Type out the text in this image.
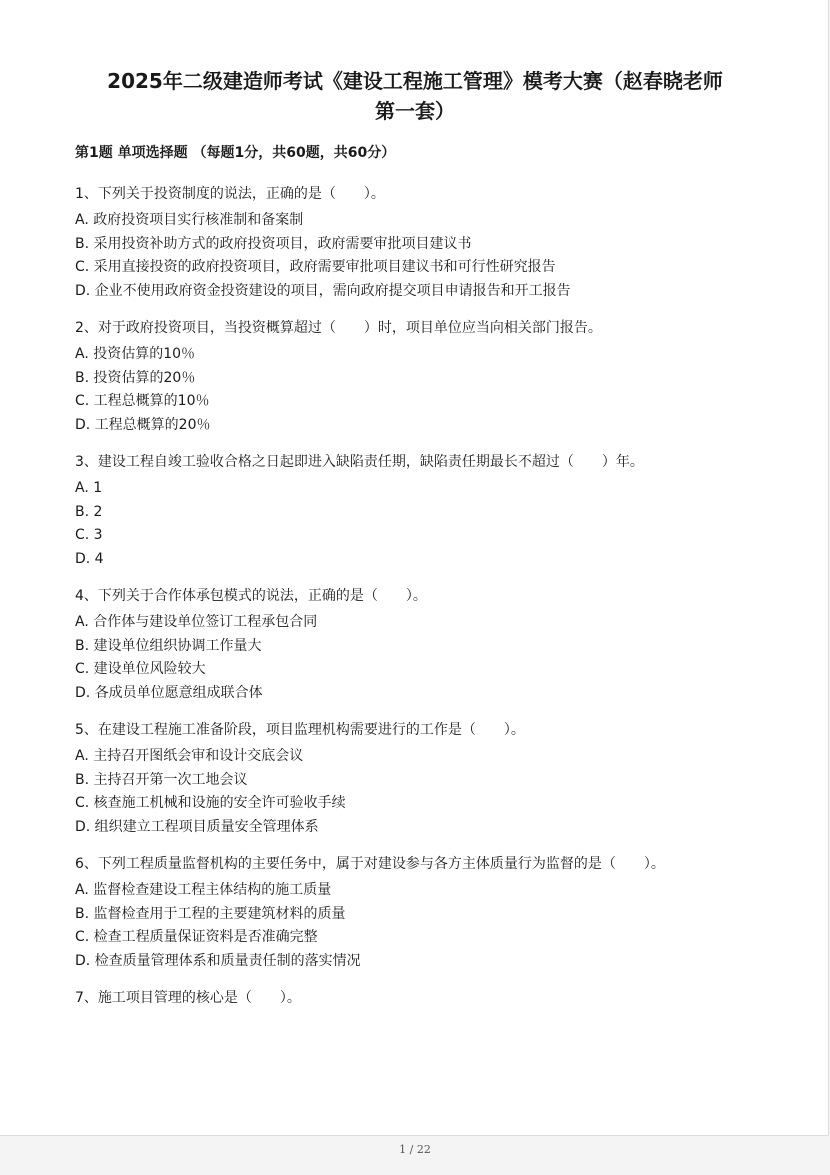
2025年二级建造师考试《建设工程施工管理》模考大赛（赵春晓老师
第一套）

第1题 单项选择题 （每题1分，共60题，共60分）

1、下列关于投资制度的说法，正确的是（　　）。

A. 政府投资项目实行核准制和备案制

B. 采用投资补助方式的政府投资项目，政府需要审批项目建议书

C. 采用直接投资的政府投资项目，政府需要审批项目建议书和可行性研究报告

D. 企业不使用政府资金投资建设的项目，需向政府提交项目申请报告和开工报告

2、对于政府投资项目，当投资概算超过（　　）时，项目单位应当向相关部门报告。

A. 投资估算的10％

B. 投资估算的20％

C. 工程总概算的10％

D. 工程总概算的20％

3、建设工程自竣工验收合格之日起即进入缺陷责任期，缺陷责任期最长不超过（　　）年。

A. 1

B. 2

C. 3

D. 4

4、下列关于合作体承包模式的说法，正确的是（　　）。

A. 合作体与建设单位签订工程承包合同

B. 建设单位组织协调工作量大

C. 建设单位风险较大

D. 各成员单位愿意组成联合体

5、在建设工程施工准备阶段，项目监理机构需要进行的工作是（　　）。

A. 主持召开图纸会审和设计交底会议

B. 主持召开第一次工地会议

C. 核查施工机械和设施的安全许可验收手续

D. 组织建立工程项目质量安全管理体系

6、下列工程质量监督机构的主要任务中，属于对建设参与各方主体质量行为监督的是（　　）。

A. 监督检查建设工程主体结构的施工质量

B. 监督检查用于工程的主要建筑材料的质量

C. 检查工程质量保证资料是否准确完整

D. 检查质量管理体系和质量责任制的落实情况

7、施工项目管理的核心是（　　）。

1 / 22
